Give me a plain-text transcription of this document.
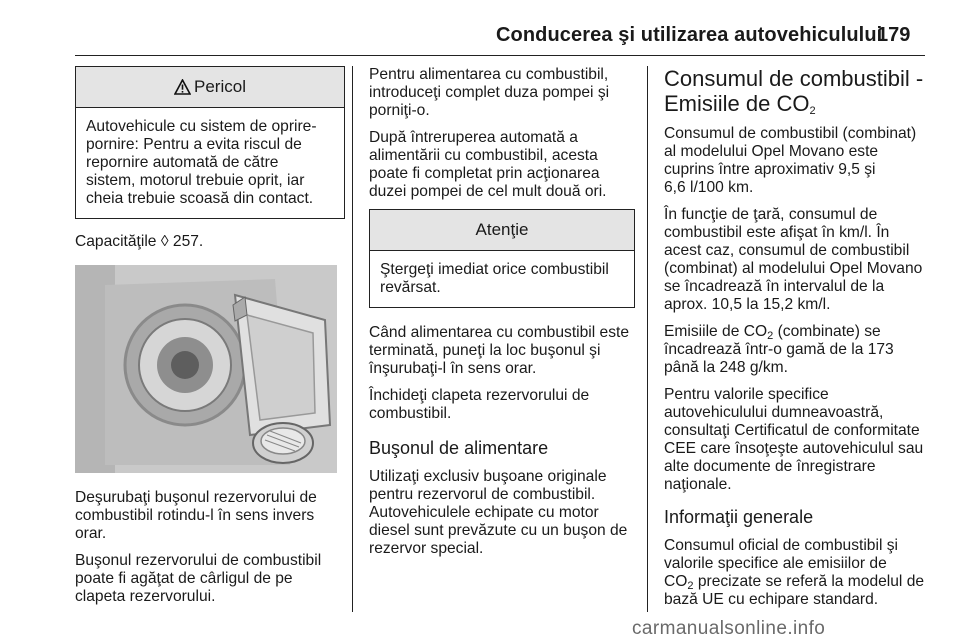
Conducerea şi utilizarea autovehiculului
179
Pericol
Autovehicule cu sistem de oprire-
pornire: Pentru a evita riscul de
repornire automată de către
sistem, motorul trebuie oprit, iar
cheia trebuie scoasă din contact.

Capacităţile ◊ 257.

Deşurubaţi buşonul rezervorului de
combustibil rotindu-l în sens invers
orar.

Buşonul rezervorului de combustibil
poate fi agăţat de cârligul de pe
clapeta rezervorului.

Pentru alimentarea cu combustibil,
introduceţi complet duza pompei şi
porniţi-o.

După întreruperea automată a
alimentării cu combustibil, acesta
poate fi completat prin acţionarea
duzei pompei de cel mult două ori.

Atenţie
Ştergeţi imediat orice combustibil
revărsat.

Când alimentarea cu combustibil este
terminată, puneţi la loc buşonul şi
înşurubaţi-l în sens orar.

Închideţi clapeta rezervorului de
combustibil.

Buşonul de alimentare

Utilizaţi exclusiv buşoane originale
pentru rezervorul de combustibil.
Autovehiculele echipate cu motor
diesel sunt prevăzute cu un buşon de
rezervor special.

Consumul de combustibil -
Emisiile de $CO_2$

Consumul de combustibil (combinat)
al modelului Opel Movano este
cuprins între aproximativ 9,5 şi
6,6 l/100 km.

În funcţie de ţară, consumul de
combustibil este afişat în km/l. În
acest caz, consumul de combustibil
(combinat) al modelului Opel Movano
se încadrează în intervalul de la
aprox. 10,5 la 15,2 km/l.

Emisiile de $CO_2$ (combinate) se
încadrează într-o gamă de la 173
până la 248 g/km.

Pentru valorile specifice
autovehiculului dumneavoastră,
consultaţi Certificatul de conformitate
CEE care însoţeşte autovehiculul sau
alte documente de înregistrare
naţionale.

Informaţii generale

Consumul oficial de combustibil şi
valorile specifice ale emisiilor de
$CO_2$ precizate se referă la modelul de
bază UE cu echipare standard.

carmanualsonline.info
